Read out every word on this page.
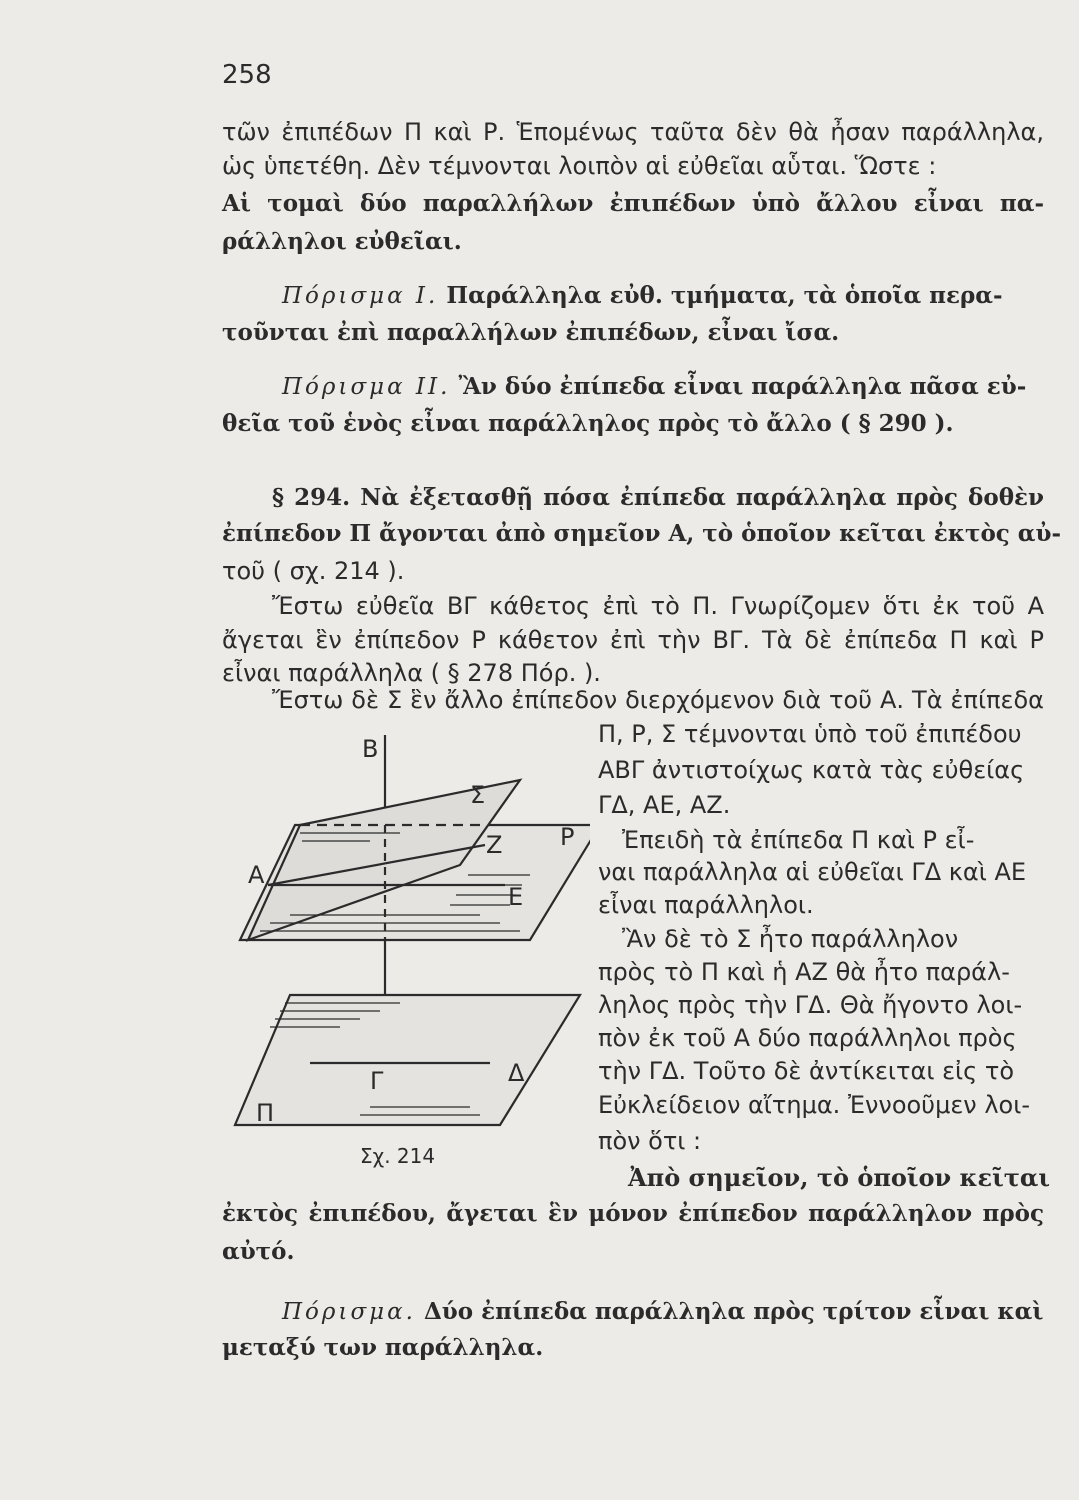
258
τῶν ἐπιπέδων Π καὶ Ρ. Ἑπομένως ταῦτα δὲν θὰ ἦσαν παράλληλα,
ὡς ὑπετέθη. Δὲν τέμνονται λοιπὸν αἱ εὐθεῖαι αὗται. Ὥστε :
Αἱ τομαὶ δύο παραλλήλων ἐπιπέδων ὑπὸ ἄλλου εἶναι πα-
ράλληλοι εὐθεῖαι.
Πόρισμα Ι. Παράλληλα εὐθ. τμήματα, τὰ ὁποῖα περα-
τοῦνται ἐπὶ παραλλήλων ἐπιπέδων, εἶναι ἴσα.
Πόρισμα ΙΙ. Ἂν δύο ἐπίπεδα εἶναι παράλληλα πᾶσα εὐ-
θεῖα τοῦ ἑνὸς εἶναι παράλληλος πρὸς τὸ ἄλλο ( § 290 ).
§ 294. Νὰ ἐξετασθῇ πόσα ἐπίπεδα παράλληλα πρὸς δοθὲν
ἐπίπεδον Π ἄγονται ἀπὸ σημεῖον Α, τὸ ὁποῖον κεῖται ἐκτὸς αὐ-
τοῦ ( σχ. 214 ).
Ἔστω εὐθεῖα ΒΓ κάθετος ἐπὶ τὸ Π. Γνωρίζομεν ὅτι ἐκ τοῦ Α
ἄγεται ἓν ἐπίπεδον Ρ κάθετον ἐπὶ τὴν ΒΓ. Τὰ δὲ ἐπίπεδα Π καὶ Ρ
εἶναι παράλληλα ( § 278 Πόρ. ).
Ἔστω δὲ Σ ἓν ἄλλο ἐπίπεδον διερχόμενον διὰ τοῦ Α. Τὰ ἐπίπεδα
Π, Ρ, Σ τέμνονται ὑπὸ τοῦ ἐπιπέδου
ΑΒΓ ἀντιστοίχως κατὰ τὰς εὐθείας
ΓΔ, ΑΕ, ΑΖ.
Ἐπειδὴ τὰ ἐπίπεδα Π καὶ Ρ εἶ-
ναι παράλληλα αἱ εὐθεῖαι ΓΔ καὶ ΑΕ
εἶναι παράλληλοι.
Ἂν δὲ τὸ Σ ἦτο παράλληλον
πρὸς τὸ Π καὶ ἡ ΑΖ θὰ ἦτο παράλ-
ληλος πρὸς τὴν ΓΔ. Θὰ ἤγοντο λοι-
πὸν ἐκ τοῦ Α δύο παράλληλοι πρὸς
τὴν ΓΔ. Τοῦτο δὲ ἀντίκειται εἰς τὸ
Εὐκλείδειον αἴτημα. Ἐννοοῦμεν λοι-
πὸν ὅτι :
Ἀπὸ σημεῖον, τὸ ὁποῖον κεῖται
ἐκτὸς ἐπιπέδου, ἄγεται ἓν μόνον ἐπίπεδον παράλληλον πρὸς
αὐτό.
Πόρισμα. Δύο ἐπίπεδα παράλληλα πρὸς τρίτον εἶναι καὶ
μεταξύ των παράλληλα.
Β
Σ
Ζ Ρ
Α
Ε
Γ	Δ
Π
Σχ. 214
